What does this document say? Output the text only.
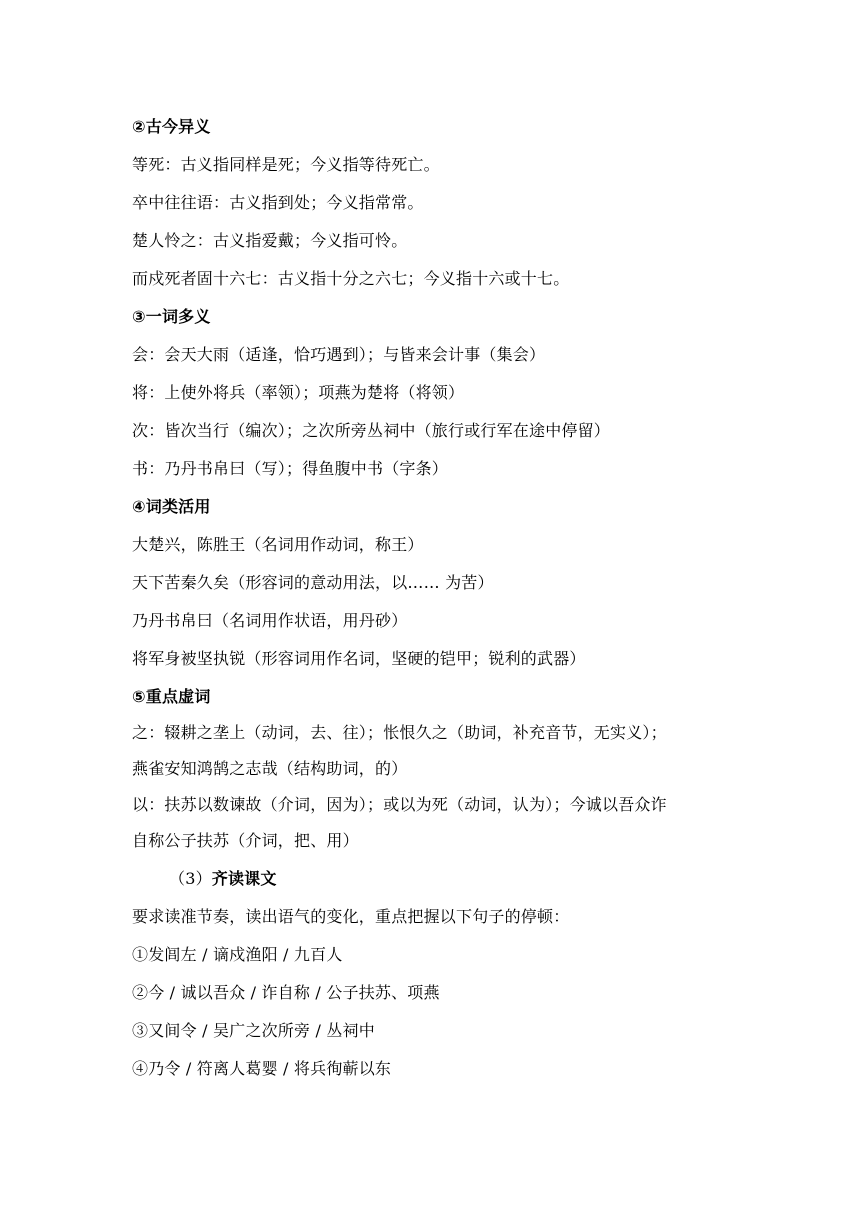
②古今异义
等死：古义指同样是死；今义指等待死亡。
卒中往往语：古义指到处；今义指常常。
楚人怜之：古义指爱戴；今义指可怜。
而戍死者固十六七：古义指十分之六七；今义指十六或十七。
③一词多义
会：会天大雨（适逢，恰巧遇到）；与皆来会计事（集会）
将：上使外将兵（率领）；项燕为楚将（将领）
次：皆次当行（编次）；之次所旁丛祠中（旅行或行军在途中停留）
书：乃丹书帛曰（写）；得鱼腹中书（字条）
④词类活用
大楚兴，陈胜王（名词用作动词，称王）
天下苦秦久矣（形容词的意动用法，以…… 为苦）
乃丹书帛曰（名词用作状语，用丹砂）
将军身被坚执锐（形容词用作名词，坚硬的铠甲；锐利的武器）
⑤重点虚词
之：辍耕之垄上（动词，去、往）；怅恨久之（助词，补充音节，无实义）；
燕雀安知鸿鹄之志哉（结构助词，的）
以：扶苏以数谏故（介词，因为）；或以为死（动词，认为）；今诚以吾众诈
自称公子扶苏（介词，把、用）
（3）齐读课文
要求读准节奏，读出语气的变化，重点把握以下句子的停顿：
①发闾左 / 谪戍渔阳 / 九百人
②今 / 诚以吾众 / 诈自称 / 公子扶苏、项燕
③又间令 / 吴广之次所旁 / 丛祠中
④乃令 / 符离人葛婴 / 将兵徇蕲以东
